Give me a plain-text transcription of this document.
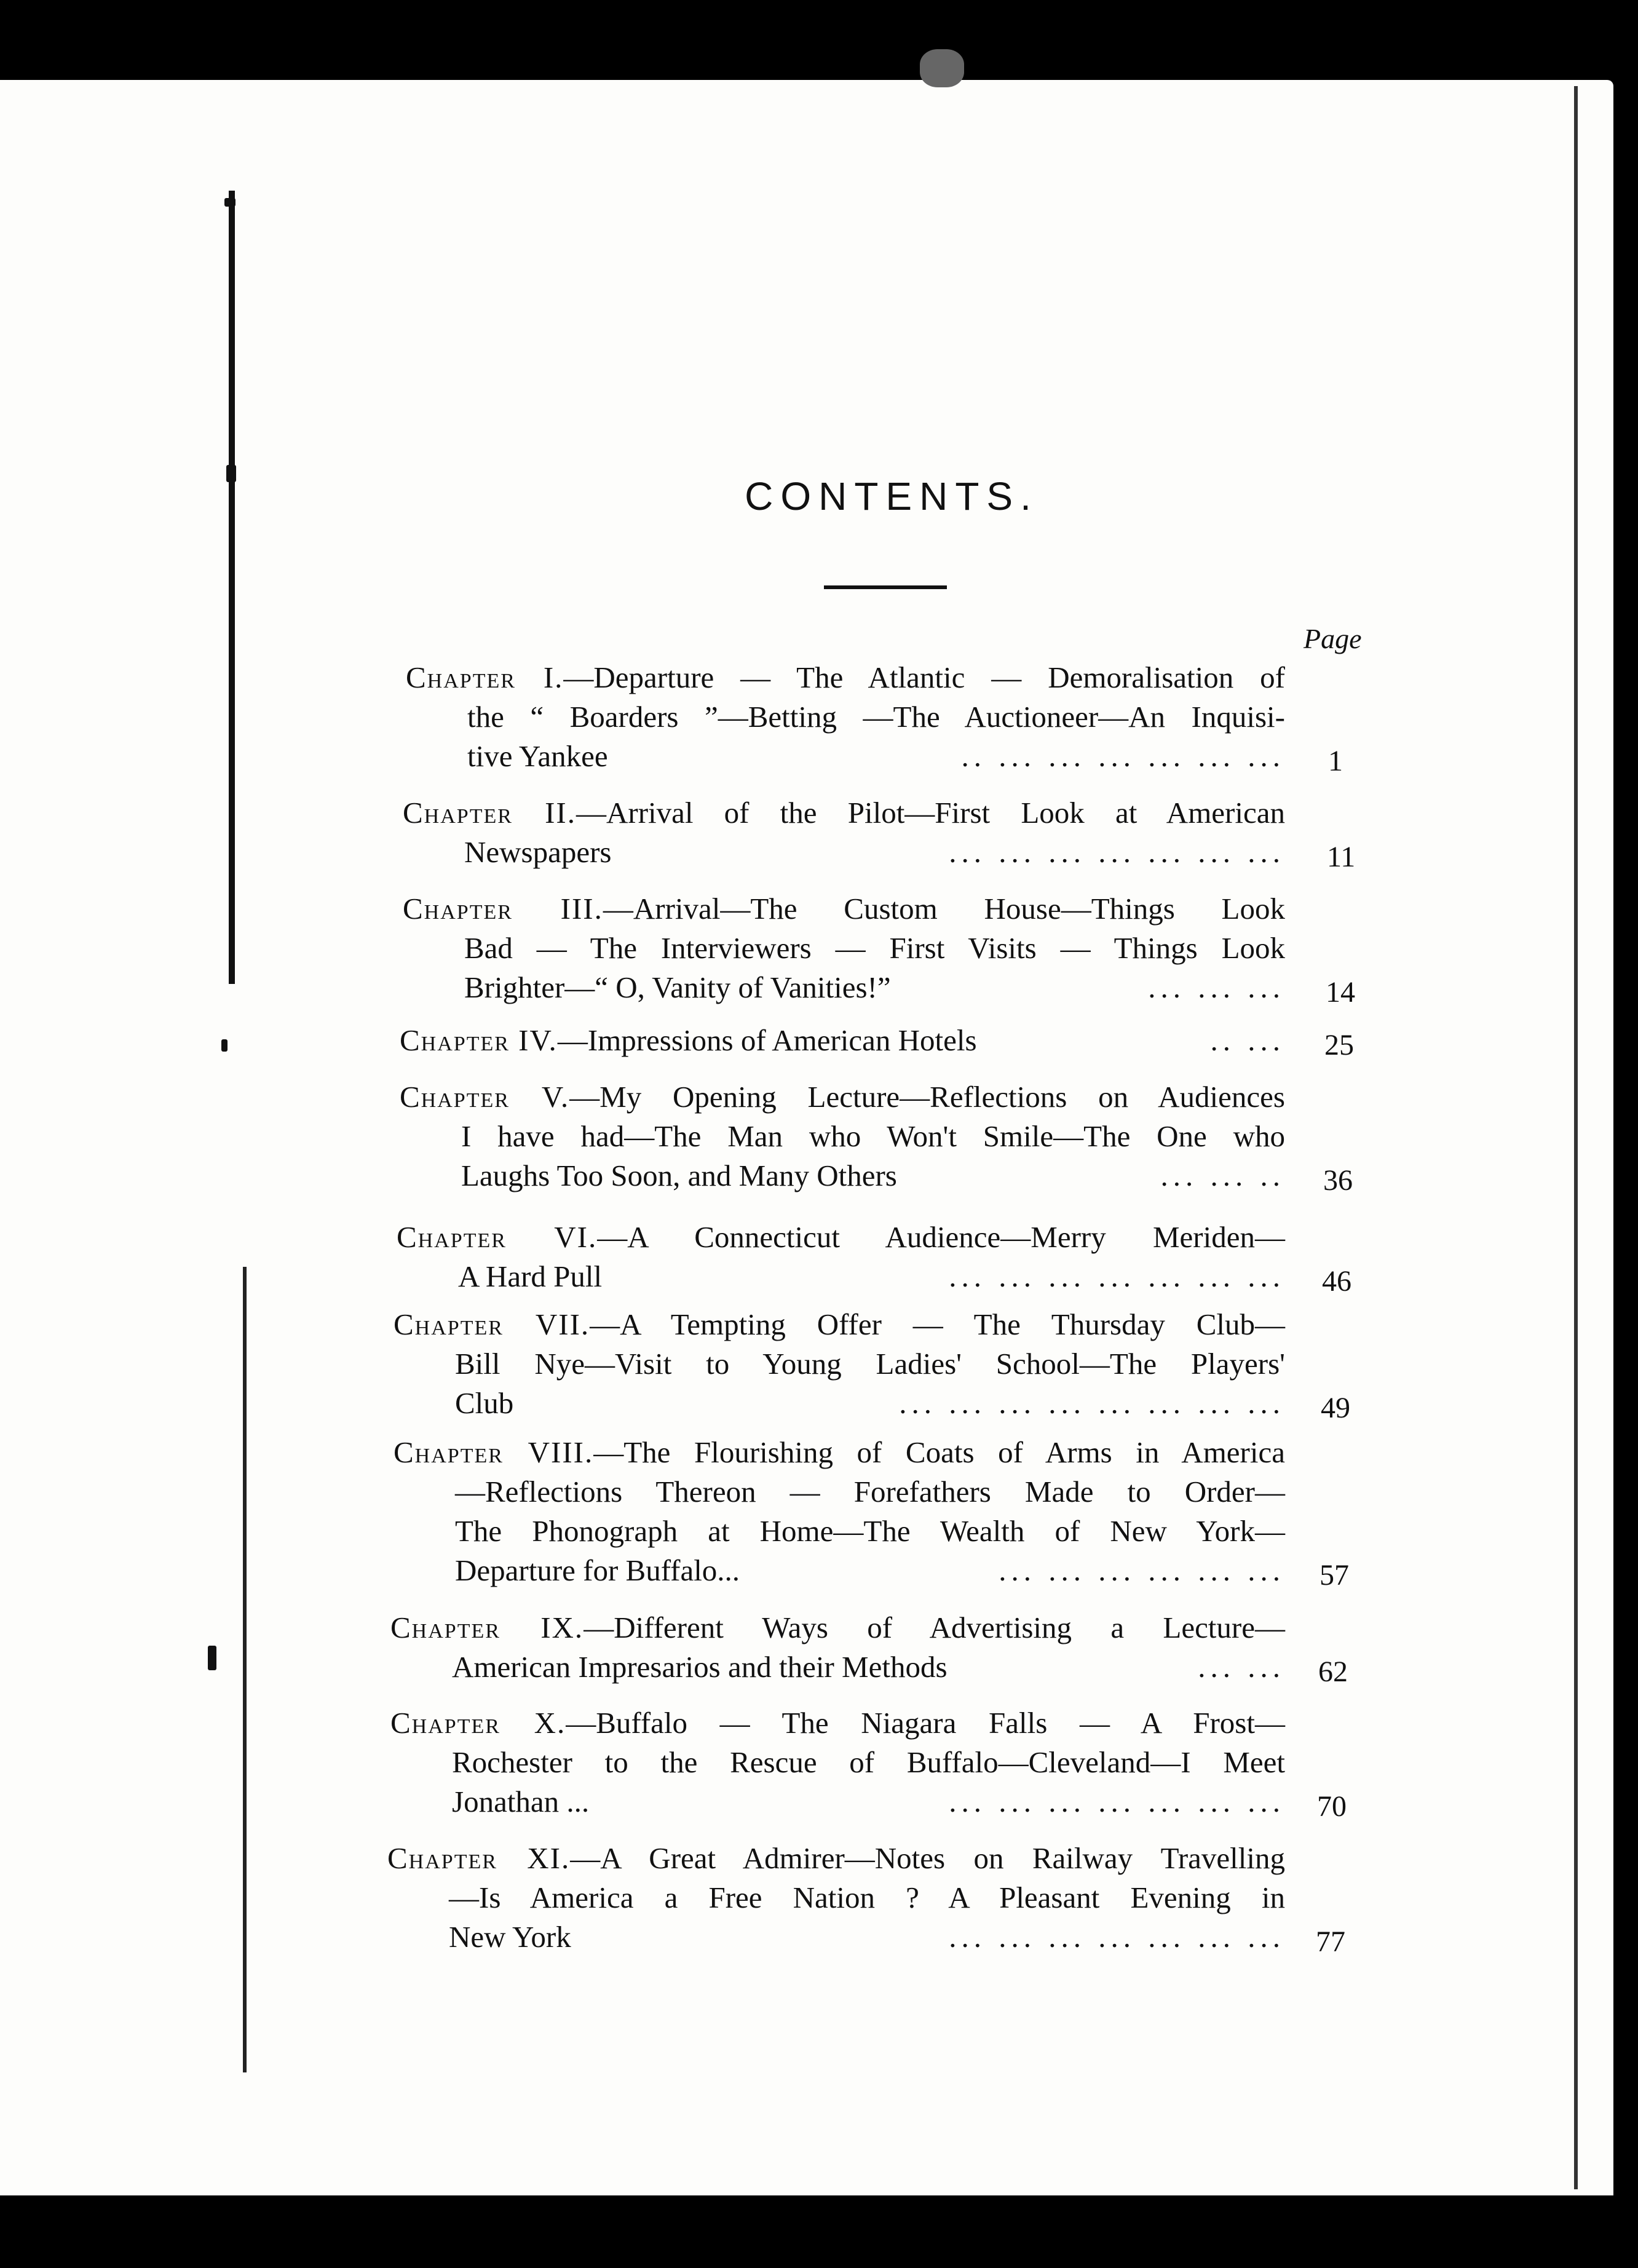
CONTENTS.
Page
Chapter I.—Departure — The Atlantic — Demoralisation of
the “ Boarders ”—Betting —The Auctioneer—An Inquisi-
tive Yankee	.. ... ... ... ... ... ... 1
Chapter II.—Arrival of the Pilot—First Look at American
Newspapers	... ... ... ... ... ... ... 11
Chapter III.—Arrival—The Custom House—Things Look
Bad — The Interviewers — First Visits — Things Look
Brighter—“ O, Vanity of Vanities!”	... ... ... 14
Chapter IV.—Impressions of American Hotels	.. ... 25
Chapter V.—My Opening Lecture—Reflections on Audiences
I have had—The Man who Won't Smile—The One who
Laughs Too Soon, and Many Others	... ... .. 36
Chapter VI.—A Connecticut Audience—Merry Meriden—
A Hard Pull	... ... ... ... ... ... ... 46
Chapter VII.—A Tempting Offer — The Thursday Club—
Bill Nye—Visit to Young Ladies' School—The Players'
Club	... ... ... ... ... ... ... ... 49
Chapter VIII.—The Flourishing of Coats of Arms in America
—Reflections Thereon — Forefathers Made to Order—
The Phonograph at Home—The Wealth of New York—
Departure for Buffalo...	... ... ... ... ... ... 57
Chapter IX.—Different Ways of Advertising a Lecture—
American Impresarios and their Methods	... ... 62
Chapter X.—Buffalo — The Niagara Falls — A Frost—
Rochester to the Rescue of Buffalo—Cleveland—I Meet
Jonathan ...	... ... ... ... ... ... ... 70
Chapter XI.—A Great Admirer—Notes on Railway Travelling
—Is America a Free Nation ? A Pleasant Evening in
New York	... ... ... ... ... ... ... 77
